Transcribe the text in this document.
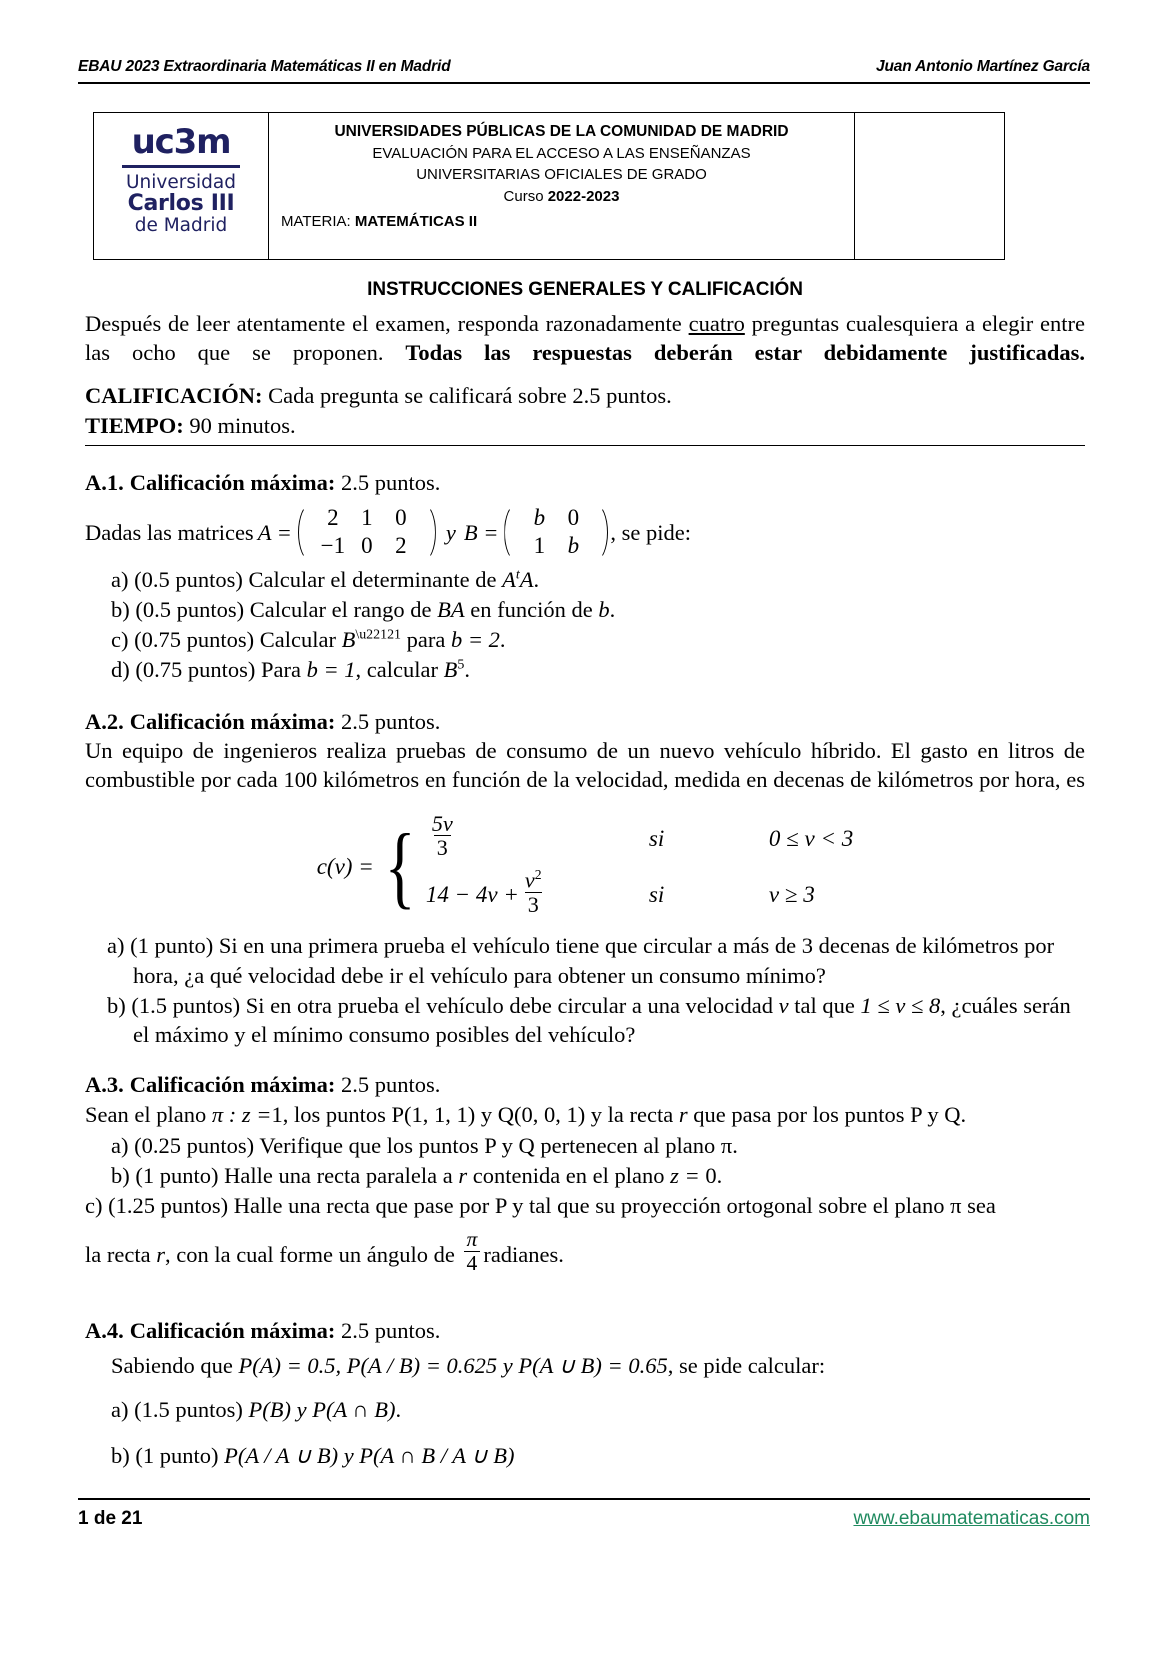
EBAU 2023 Extraordinaria Matemáticas II en Madrid	Juan Antonio Martínez García
uc3m
Universidad
Carlos III
de Madrid
UNIVERSIDADES PÚBLICAS DE LA COMUNIDAD DE MADRID
EVALUACIÓN PARA EL ACCESO A LAS ENSEÑANZAS
UNIVERSITARIAS OFICIALES DE GRADO
Curso 2022-2023
MATERIA: MATEMÁTICAS II
INSTRUCCIONES GENERALES Y CALIFICACIÓN

Después de leer atentamente el examen, responda razonadamente cuatro preguntas cualesquiera a elegir entre las ocho que se proponen. Todas las respuestas deberán estar debidamente justificadas.

CALIFICACIÓN: Cada pregunta se calificará sobre 2.5 puntos.
TIEMPO: 90 minutos.
A.1. Calificación máxima: 2.5 puntos.
Dadas las matrices A =
2 1 0
−1 0 2
y B =
b 0
1 b
, se pide:
a) (0.5 puntos) Calcular el determinante de $A^tA$.
b) (0.5 puntos) Calcular el rango de BA en función de b.
c) (0.75 puntos) Calcular $B^{\backslash u22121}$ para b = 2.
d) (0.75 puntos) Para b = 1, calcular $B^5$.
A.2. Calificación máxima: 2.5 puntos.

Un equipo de ingenieros realiza pruebas de consumo de un nuevo vehículo híbrido. El gasto en litros de combustible por cada 100 kilómetros en función de la velocidad, medida en decenas de kilómetros por hora, es

c(v) = { $\frac{5v}{3}$	si	0 ≤ v < 3
$14 - 4v + \frac{v^2}{3}$	si	v ≥ 3
a) (1 punto) Si en una primera prueba el vehículo tiene que circular a más de 3 decenas de kilómetros por hora, ¿a qué velocidad debe ir el vehículo para obtener un consumo mínimo?
b) (1.5 puntos) Si en otra prueba el vehículo debe circular a una velocidad v tal que 1 ≤ v ≤ 8, ¿cuáles serán el máximo y el mínimo consumo posibles del vehículo?
A.3. Calificación máxima: 2.5 puntos.
Sean el plano π : z =1, los puntos P(1, 1, 1) y Q(0, 0, 1) y la recta r que pasa por los puntos P y Q.
a) (0.25 puntos) Verifique que los puntos P y Q pertenecen al plano π.
b) (1 punto) Halle una recta paralela a r contenida en el plano z = 0.
c) (1.25 puntos) Halle una recta que pase por P y tal que su proyección ortogonal sobre el plano π sea
la recta r, con la cual forme un ángulo de $\frac{\pi}{4}$ radianes.
A.4. Calificación máxima: 2.5 puntos.
Sabiendo que P(A) = 0.5, P(A / B) = 0.625 y P(A ∪ B) = 0.65, se pide calcular:
a) (1.5 puntos) P(B) y P(A ∩ B).
b) (1 punto) P(A / A ∪ B) y P(A ∩ B / A ∪ B)
1 de 21	www.ebaumatematicas.com
